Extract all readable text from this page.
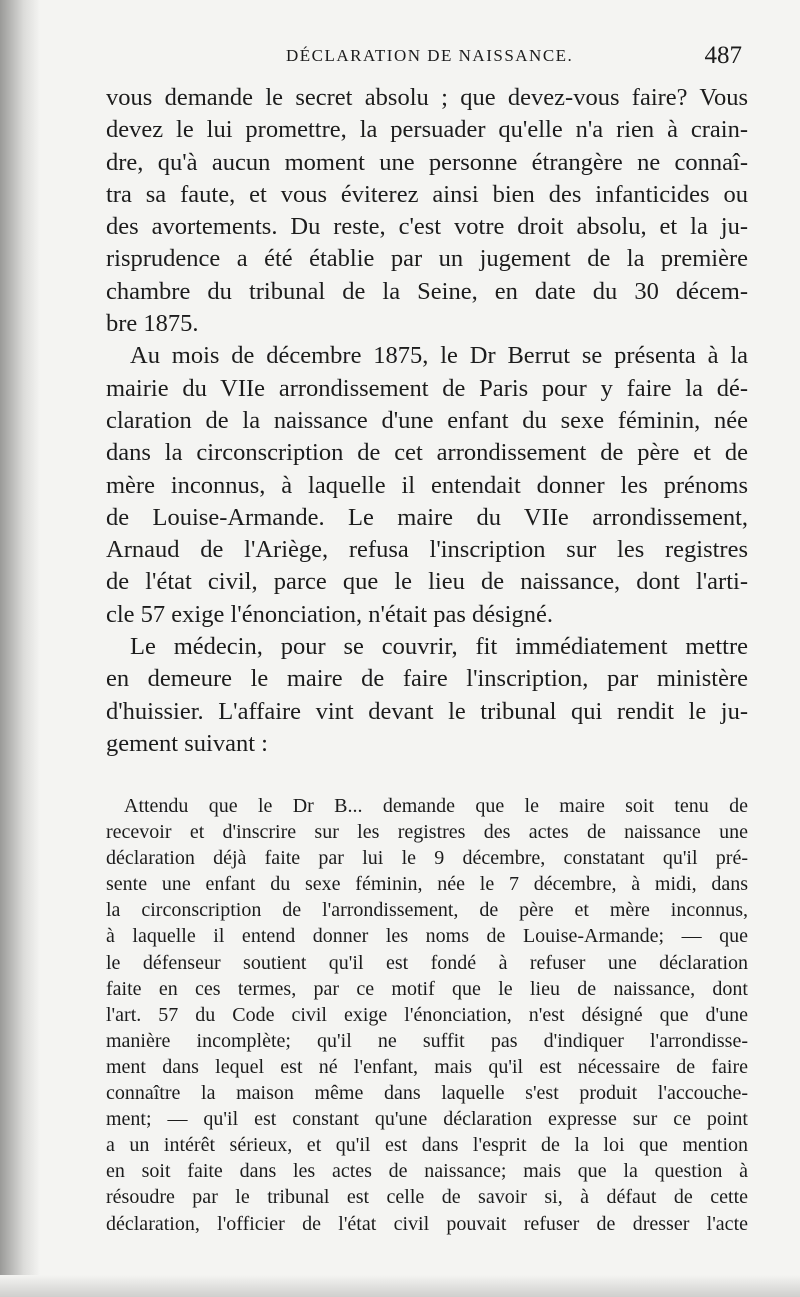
DÉCLARATION DE NAISSANCE.	487
vous demande le secret absolu ; que devez-vous faire? Vous
devez le lui promettre, la persuader qu'elle n'a rien à crain-
dre, qu'à aucun moment une personne étrangère ne connaî-
tra sa faute, et vous éviterez ainsi bien des infanticides ou
des avortements. Du reste, c'est votre droit absolu, et la ju-
risprudence a été établie par un jugement de la première
chambre du tribunal de la Seine, en date du 30 décem-
bre 1875.
Au mois de décembre 1875, le Dr Berrut se présenta à la
mairie du VIIe arrondissement de Paris pour y faire la dé-
claration de la naissance d'une enfant du sexe féminin, née
dans la circonscription de cet arrondissement de père et de
mère inconnus, à laquelle il entendait donner les prénoms
de Louise-Armande. Le maire du VIIe arrondissement,
Arnaud de l'Ariège, refusa l'inscription sur les registres
de l'état civil, parce que le lieu de naissance, dont l'arti-
cle 57 exige l'énonciation, n'était pas désigné.
Le médecin, pour se couvrir, fit immédiatement mettre
en demeure le maire de faire l'inscription, par ministère
d'huissier. L'affaire vint devant le tribunal qui rendit le ju-
gement suivant :
Attendu que le Dr B... demande que le maire soit tenu de
recevoir et d'inscrire sur les registres des actes de naissance une
déclaration déjà faite par lui le 9 décembre, constatant qu'il pré-
sente une enfant du sexe féminin, née le 7 décembre, à midi, dans
la circonscription de l'arrondissement, de père et mère inconnus,
à laquelle il entend donner les noms de Louise-Armande; — que
le défenseur soutient qu'il est fondé à refuser une déclaration
faite en ces termes, par ce motif que le lieu de naissance, dont
l'art. 57 du Code civil exige l'énonciation, n'est désigné que d'une
manière incomplète; qu'il ne suffit pas d'indiquer l'arrondisse-
ment dans lequel est né l'enfant, mais qu'il est nécessaire de faire
connaître la maison même dans laquelle s'est produit l'accouche-
ment; — qu'il est constant qu'une déclaration expresse sur ce point
a un intérêt sérieux, et qu'il est dans l'esprit de la loi que mention
en soit faite dans les actes de naissance; mais que la question à
résoudre par le tribunal est celle de savoir si, à défaut de cette
déclaration, l'officier de l'état civil pouvait refuser de dresser l'acte
